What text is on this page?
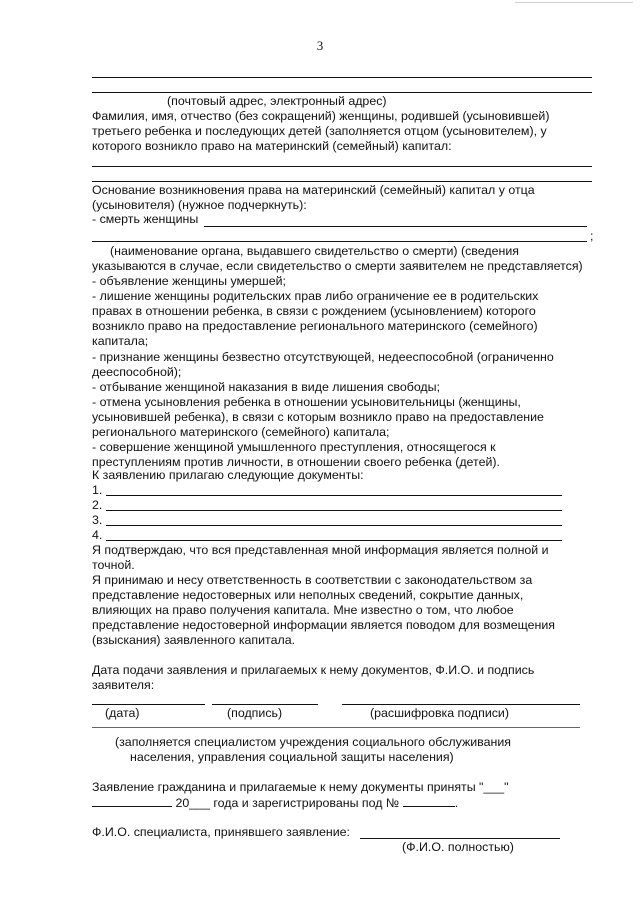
3
(почтовый адрес, электронный адрес)
Фамилия, имя, отчество (без сокращений) женщины, родившей (усыновившей)
третьего ребенка и последующих детей (заполняется отцом (усыновителем), у
которого возникло право на материнский (семейный) капитал:
Основание возникновения права на материнский (семейный) капитал у отца
(усыновителя) (нужное подчеркнуть):
- смерть женщины
;
(наименование органа, выдавшего свидетельство о смерти) (сведения
указываются в случае, если свидетельство о смерти заявителем не представляется)
- объявление женщины умершей;
- лишение женщины родительских прав либо ограничение ее в родительских
правах в отношении ребенка, в связи с рождением (усыновлением) которого
возникло право на предоставление регионального материнского (семейного)
капитала;
- признание женщины безвестно отсутствующей, недееспособной (ограниченно
дееспособной);
- отбывание женщиной наказания в виде лишения свободы;
- отмена усыновления ребенка в отношении усыновительницы (женщины,
усыновившей ребенка), в связи с которым возникло право на предоставление
регионального материнского (семейного) капитала;
- совершение женщиной умышленного преступления, относящегося к
преступлениям против личности, в отношении своего ребенка (детей).
К заявлению прилагаю следующие документы:
1.
2.
3.
4.
Я подтверждаю, что вся представленная мной информация является полной и
точной.
Я принимаю и несу ответственность в соответствии с законодательством за
представление недостоверных или неполных сведений, сокрытие данных,
влияющих на право получения капитала. Мне известно о том, что любое
представление недостоверной информации является поводом для возмещения
(взыскания) заявленного капитала.
Дата подачи заявления и прилагаемых к нему документов, Ф.И.О. и подпись
заявителя:
(дата)	(подпись)	(расшифровка подписи)
(заполняется специалистом учреждения социального обслуживания
населения, управления социальной защиты населения)
Заявление гражданина и прилагаемые к нему документы приняты "___"
20___ года и зарегистрированы под №	.
Ф.И.О. специалиста, принявшего заявление:
(Ф.И.О. полностью)
